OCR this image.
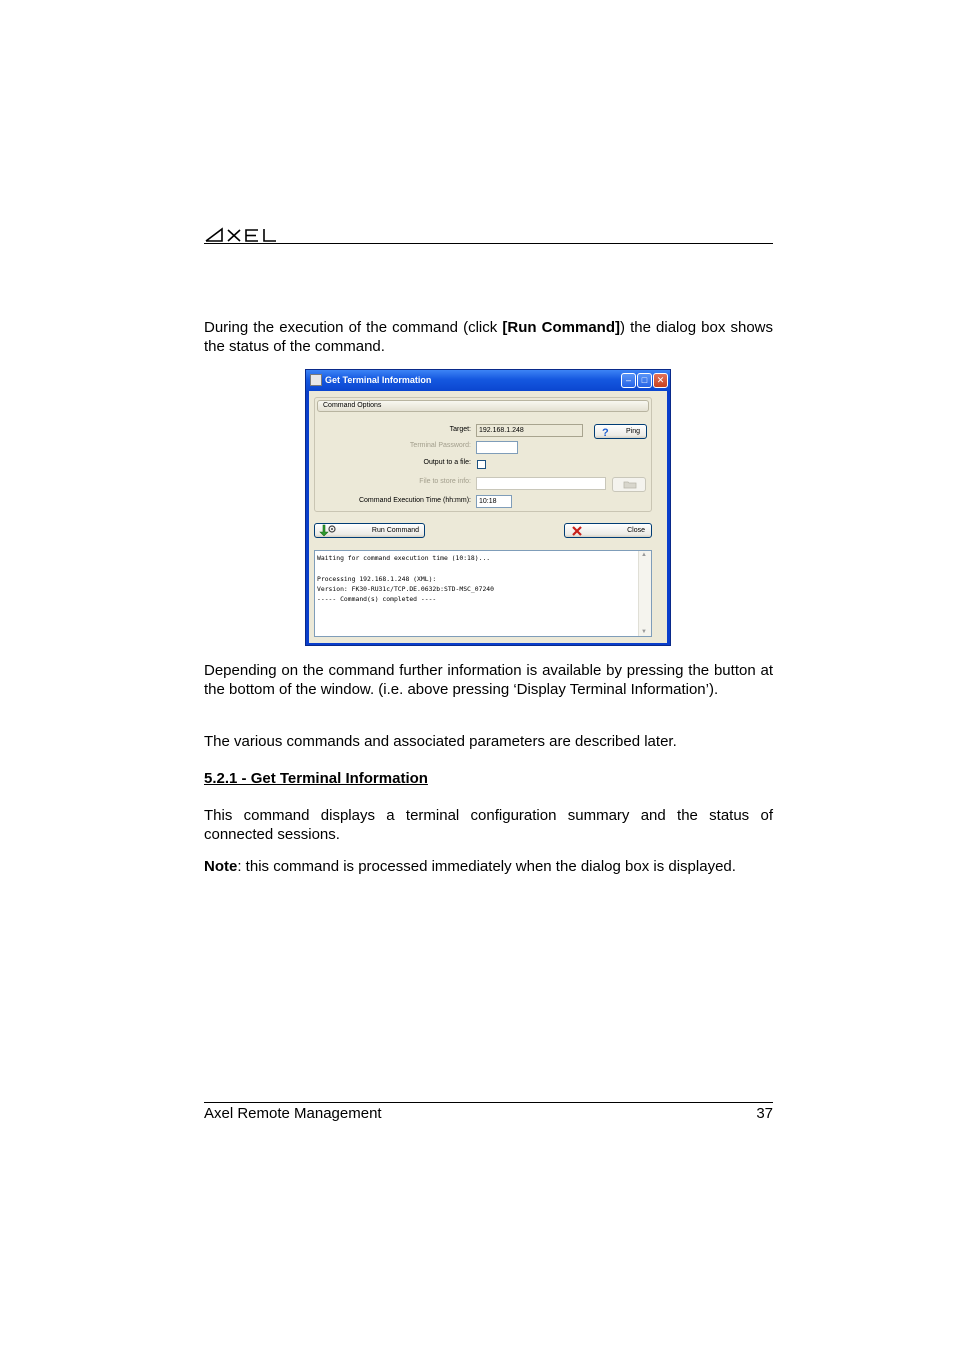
During the execution of the command (click [Run Command]) the dialog box shows the status of the command.
Get Terminal Information	–	□	✕
Command Options
Target:	192.168.1.248	? Ping
Terminal Password:
Output to a file:
File to store info:
Command Execution Time (hh:mm):	10:18
Run Command	Close
Waiting for command execution time (10:18)...

Processing 192.168.1.248 (XML):
Version: FK30-RU31c/TCP.DE.0632b:STD-MSC_07240
----- Command(s) completed ----
▲
▼
Depending on the command further information is available by pressing the button at the bottom of the window. (i.e. above pressing ‘Display Terminal Information’).
The various commands and associated parameters are described later.
5.2.1 - Get Terminal Information
This command displays a terminal configuration summary and the status of connected sessions.
Note: this command is processed immediately when the dialog box is displayed.
Axel Remote Management	37
